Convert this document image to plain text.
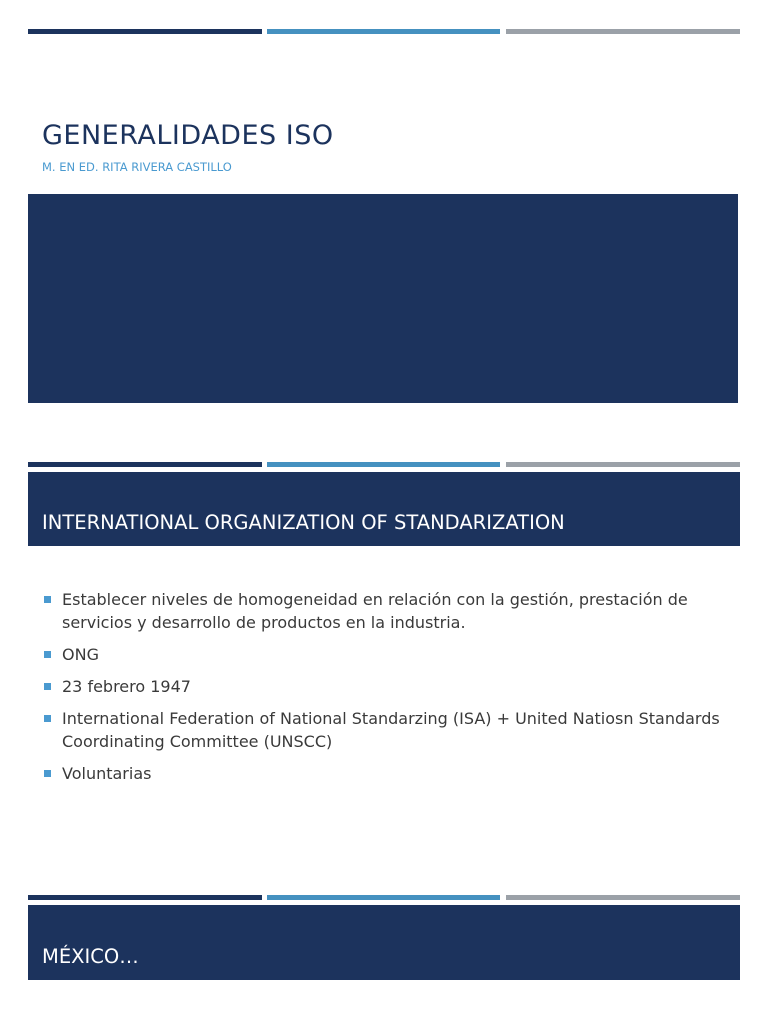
GENERALIDADES ISO
M. EN ED. RITA RIVERA CASTILLO
INTERNATIONAL ORGANIZATION OF STANDARIZATION
Establecer niveles de homogeneidad en relación con la gestión, prestación de servicios y desarrollo de productos en la industria.
ONG
23 febrero 1947
International Federation of National Standarzing (ISA) + United Natiosn Standards Coordinating Committee (UNSCC)
Voluntarias
MÉXICO…
